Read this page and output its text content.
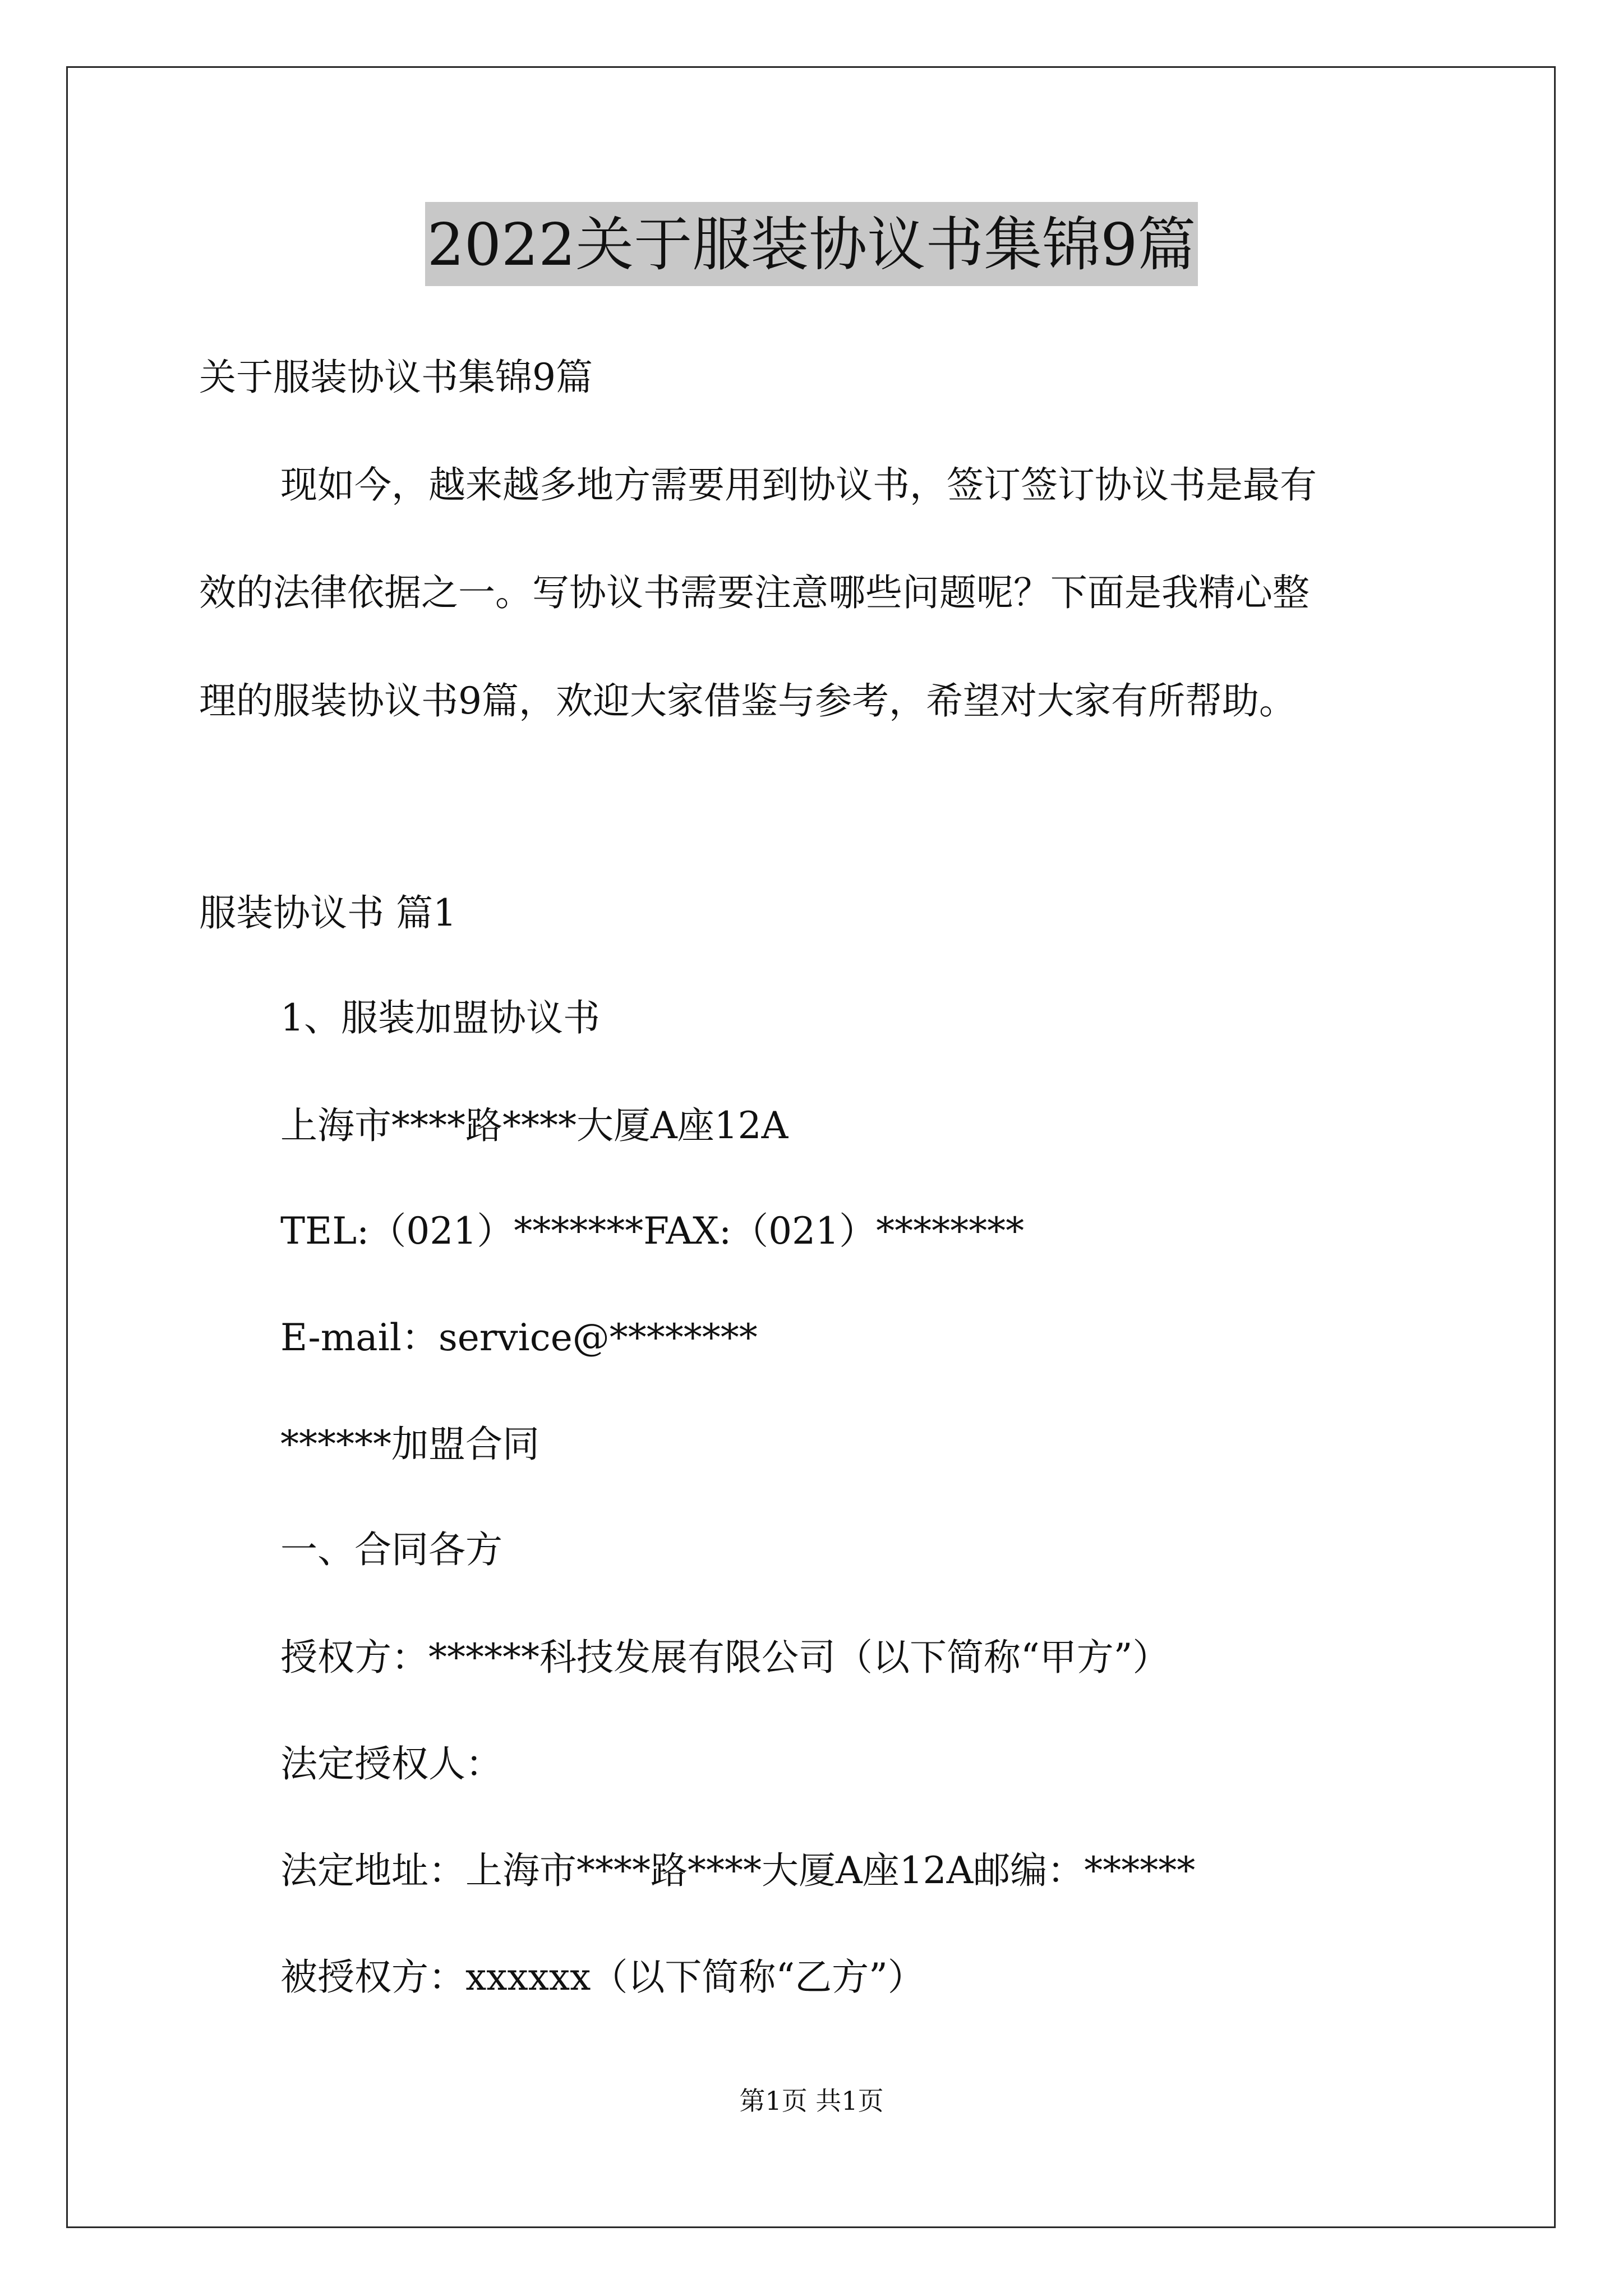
2022关于服装协议书集锦9篇
关于服装协议书集锦9篇
现如今，越来越多地方需要用到协议书，签订签订协议书是最有
效的法律依据之一。写协议书需要注意哪些问题呢？下面是我精心整
理的服装协议书9篇，欢迎大家借鉴与参考，希望对大家有所帮助。
服装协议书 篇1
1、服装加盟协议书
上海市****路****大厦A座12A
TEL:（021）*******FAX:（021）********
E-mail：service@********
******加盟合同
一、合同各方
授权方：******科技发展有限公司（以下简称“甲方”）
法定授权人：
法定地址：上海市****路****大厦A座12A邮编：******
被授权方：xxxxxx（以下简称“乙方”）
第1页 共1页
